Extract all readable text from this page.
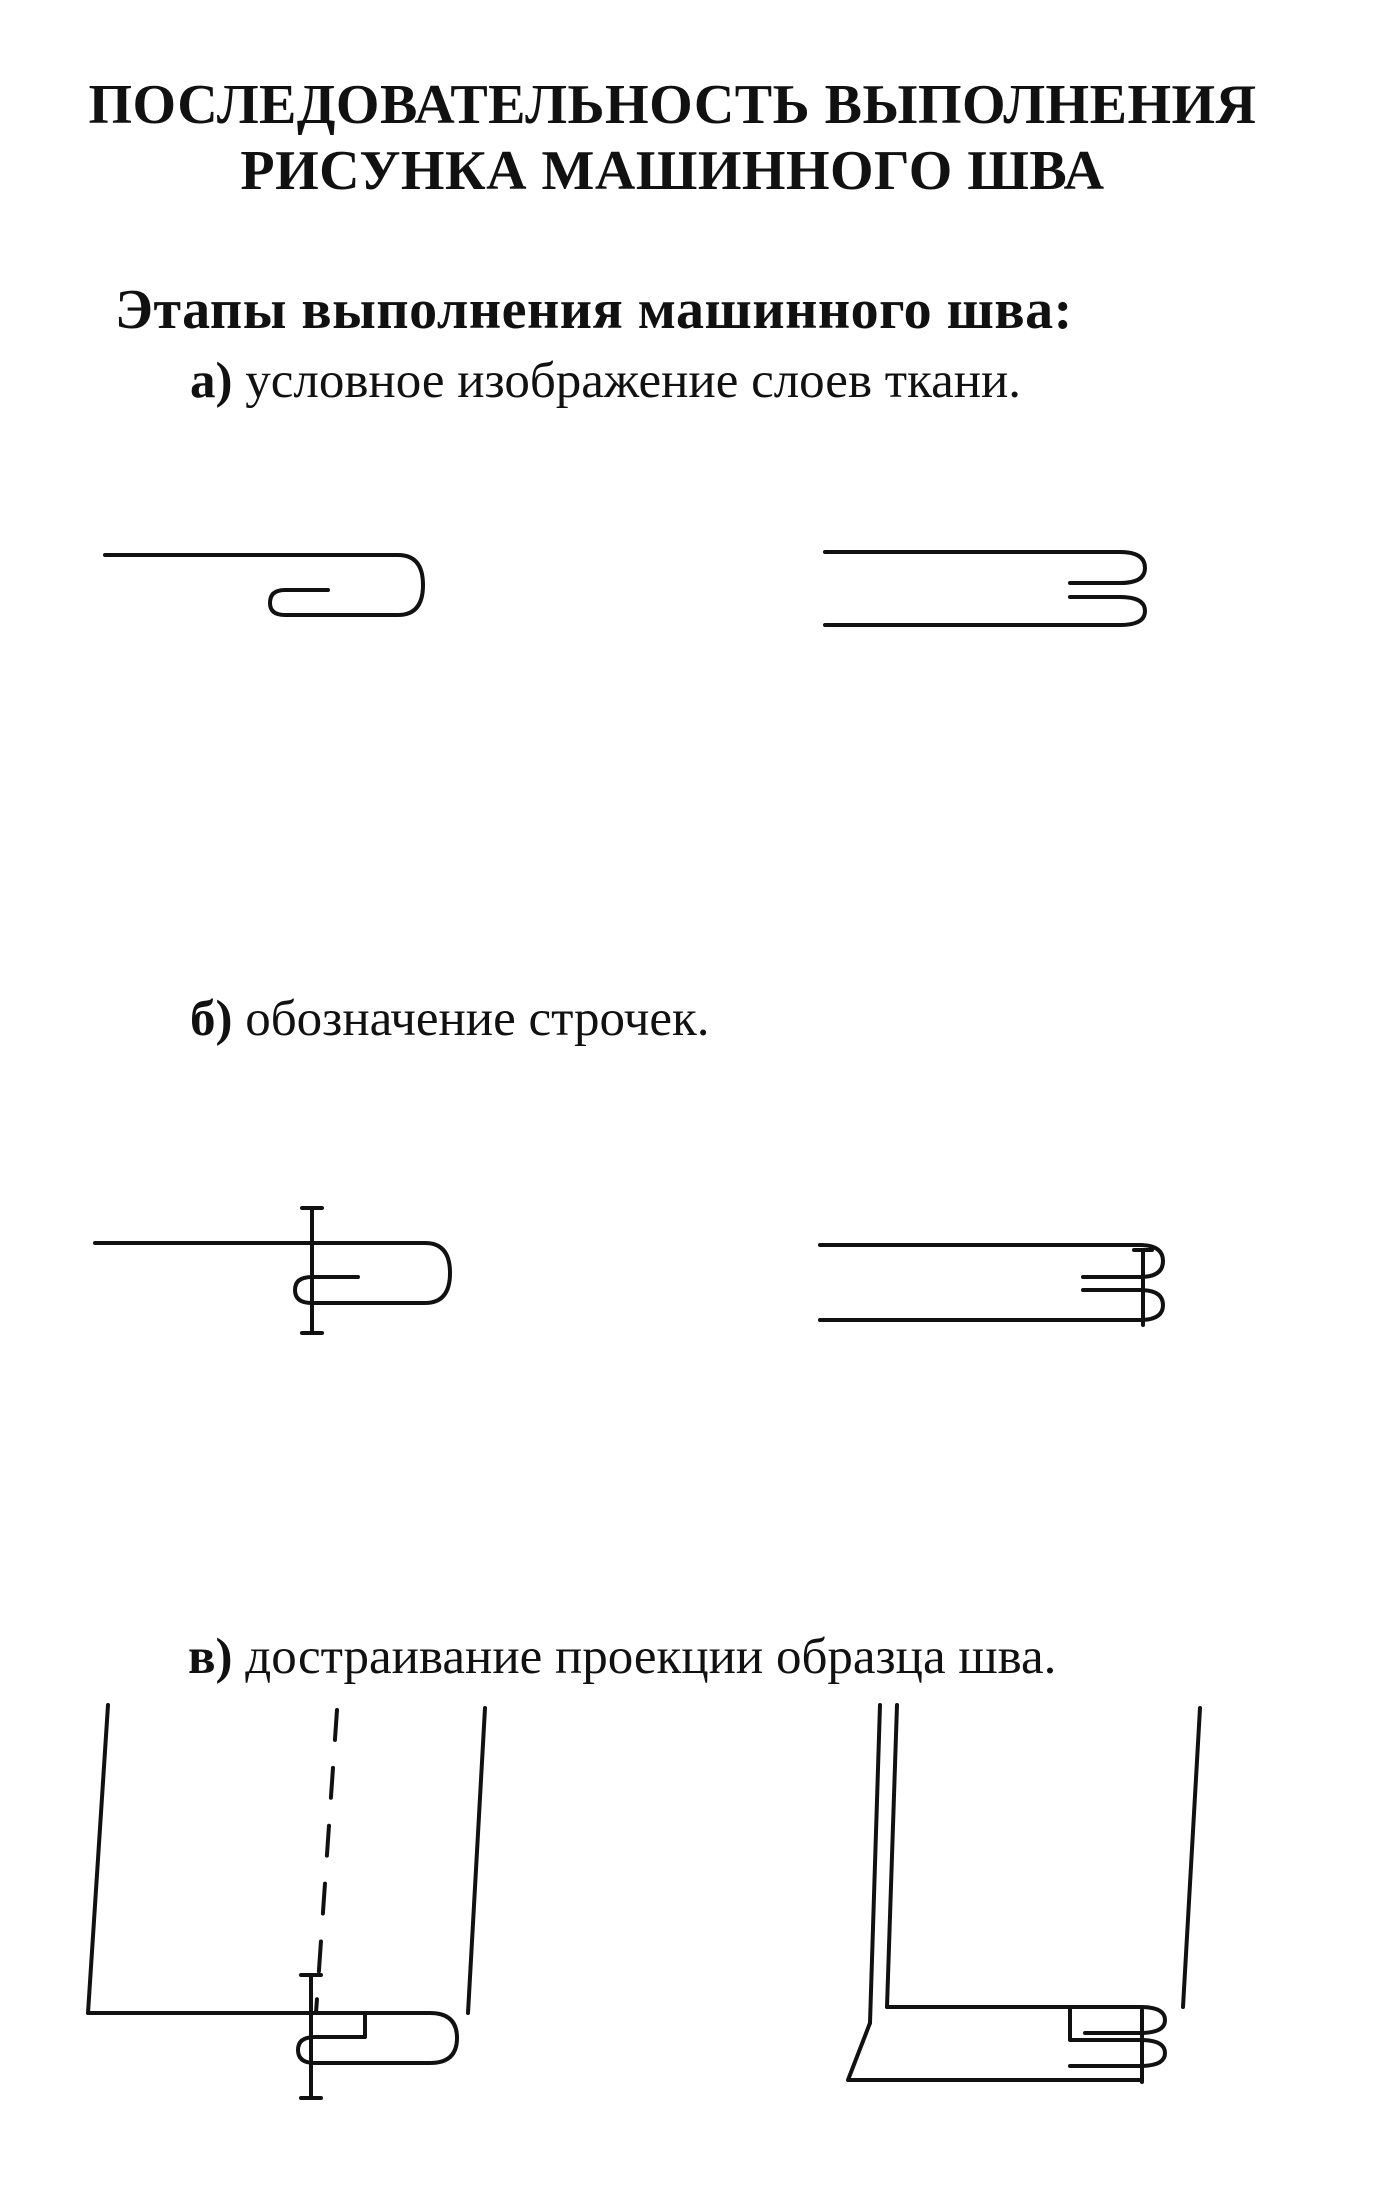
ПОСЛЕДОВАТЕЛЬНОСТЬ ВЫПОЛНЕНИЯ
РИСУНКА МАШИННОГО ШВА
Этапы выполнения машинного шва:
а) условное изображение слоев ткани.
б) обозначение строчек.
в) достраивание проекции образца шва.
